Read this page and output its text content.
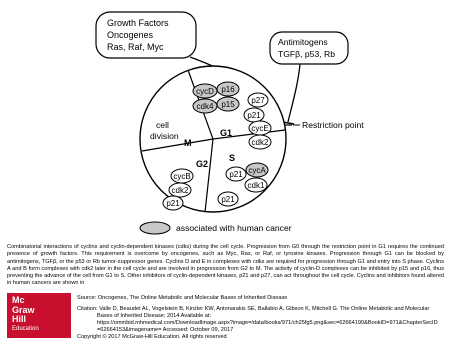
Growth Factors
Oncogenes
Ras, Raf, Myc	Antimitogens
TGFβ, p53, Rb
Restriction point
M
cell
division	G1
G2
S
cycD p16
cdk4 p15 p27
p21
cycE
cdk2
p21 cycA
cdk1
cycB
cdk2
p21	p21
associated with human cancer
Combinatorial interactions of cyclins and cyclin-dependent kinases (cdks) during the cell cycle. Progression from G0 through the restriction point in G1 requires the continued presence of growth factors. This requirement is overcome by oncogenes, such as Myc, Ras, or Raf, or tyrosine kinases. Progression through G1 can be blocked by antimitogens, TGFβ, or the p53 or Rb tumor-suppressor genes. Cyclins D and E in complexes with cdks are required for progression through G1 and entry into S phase. Cyclins A and B form complexes with cdk2 later in the cell cycle and are involved in progression from G2 to M. The activity of cyclin-D complexes can be inhibited by p15 and p16, thus preventing the advance of the cell from G1 to S. Other inhibitors of cyclin-dependent kinases, p21 and p27, can act throughout the cell cycle. Cyclins and inhibitors found altered in human cancers are shown in
Mc
Graw
Hill
Education
Source: Oncogenes, The Online Metabolic and Molecular Bases of Inherited Disease
Citation: Valle D, Beaudet AL, Vogelstein B, Kinzler KW, Antonarakis SE, Ballabio A, Gibson K, Mitchell G. The Online Metabolic and Molecular
Bases of Inherited Disease; 2014 Available at:
https://ommbid.mhmedical.com/DownloadImage.aspx?image=/data/books/971/ch25fg5.png&sec=62664190&BookID=971&ChapterSecID
=62664153&imagename= Accessed: October 09, 2017
Copyright © 2017 McGraw-Hill Education. All rights reserved
